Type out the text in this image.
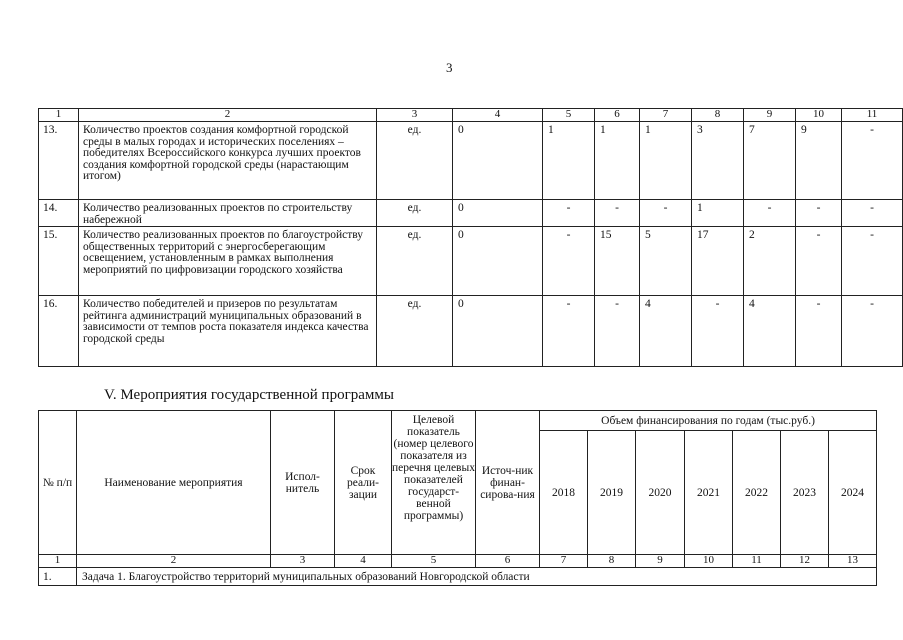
3
1	2	3	4	5	6	7	8	9	10	11
13.	Количество проектов создания комфортной городской среды в малых городах и исторических поселениях – победителях Всероссийского конкурса лучших проектов создания комфортной городской среды (нарастающим итогом)	ед.	0	1	1	1	3	7	9	-
14.	Количество реализованных проектов по строительству набережной	ед.	0	-	-	-	1	-	-	-
15.	Количество реализованных проектов по благоустройству общественных территорий с энергосберегающим освещением, установленным в рамках выполнения мероприятий по цифровизации городского хозяйства	ед.	0	-	15	5	17	2	-	-
16.	Количество победителей и призеров по результатам рейтинга администраций муниципальных образований в зависимости от темпов роста показателя индекса качества городской среды	ед.	0	-	-	4	-	4	-	-
V. Мероприятия государственной программы
№ п/п	Наименование мероприятия	Испол-нитель	Срок реали-зации	Целевой показатель (номер целевого показателя из перечня целевых показателей государст-венной программы)	Источ-ник финан-сирова-ния	Объем финансирования по годам (тыс.руб.)						
						2018	2019	2020	2021	2022	2023	2024
1	2	3	4	5	6	7	8	9	10	11	12	13
1.	Задача 1. Благоустройство территорий муниципальных образований Новгородской области											
